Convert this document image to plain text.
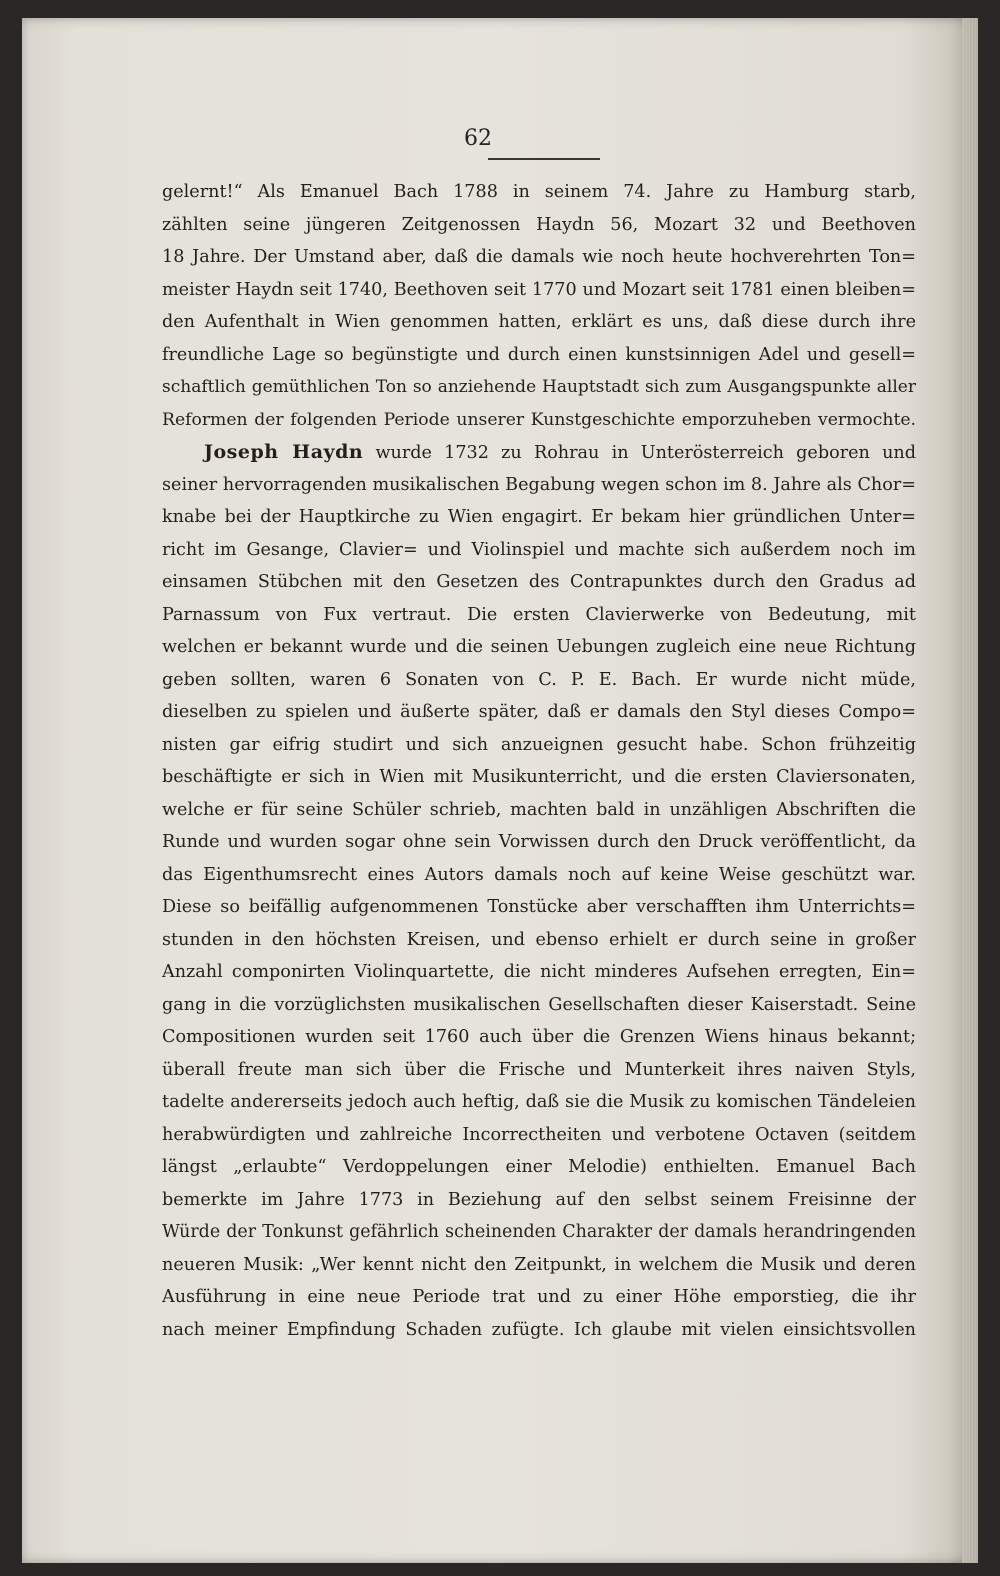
62
gelernt!“ Als Emanuel Bach 1788 in seinem 74. Jahre zu Hamburg starb,
zählten seine jüngeren Zeitgenossen Haydn 56, Mozart 32 und Beethoven
18 Jahre. Der Umstand aber, daß die damals wie noch heute hochverehrten Ton=
meister Haydn seit 1740, Beethoven seit 1770 und Mozart seit 1781 einen bleiben=
den Aufenthalt in Wien genommen hatten, erklärt es uns, daß diese durch ihre
freundliche Lage so begünstigte und durch einen kunstsinnigen Adel und gesell=
schaftlich gemüthlichen Ton so anziehende Hauptstadt sich zum Ausgangspunkte aller
Reformen der folgenden Periode unserer Kunstgeschichte emporzuheben vermochte.
Joseph Haydn wurde 1732 zu Rohrau in Unterösterreich geboren und
seiner hervorragenden musikalischen Begabung wegen schon im 8. Jahre als Chor=
knabe bei der Hauptkirche zu Wien engagirt. Er bekam hier gründlichen Unter=
richt im Gesange, Clavier= und Violinspiel und machte sich außerdem noch im
einsamen Stübchen mit den Gesetzen des Contrapunktes durch den Gradus ad
Parnassum von Fux vertraut. Die ersten Clavierwerke von Bedeutung, mit
welchen er bekannt wurde und die seinen Uebungen zugleich eine neue Richtung
geben sollten, waren 6 Sonaten von C. P. E. Bach. Er wurde nicht müde,
dieselben zu spielen und äußerte später, daß er damals den Styl dieses Compo=
nisten gar eifrig studirt und sich anzueignen gesucht habe. Schon frühzeitig
beschäftigte er sich in Wien mit Musikunterricht, und die ersten Claviersonaten,
welche er für seine Schüler schrieb, machten bald in unzähligen Abschriften die
Runde und wurden sogar ohne sein Vorwissen durch den Druck veröffentlicht, da
das Eigenthumsrecht eines Autors damals noch auf keine Weise geschützt war.
Diese so beifällig aufgenommenen Tonstücke aber verschafften ihm Unterrichts=
stunden in den höchsten Kreisen, und ebenso erhielt er durch seine in großer
Anzahl componirten Violinquartette, die nicht minderes Aufsehen erregten, Ein=
gang in die vorzüglichsten musikalischen Gesellschaften dieser Kaiserstadt. Seine
Compositionen wurden seit 1760 auch über die Grenzen Wiens hinaus bekannt;
überall freute man sich über die Frische und Munterkeit ihres naiven Styls,
tadelte andererseits jedoch auch heftig, daß sie die Musik zu komischen Tändeleien
herabwürdigten und zahlreiche Incorrectheiten und verbotene Octaven (seitdem
längst „erlaubte“ Verdoppelungen einer Melodie) enthielten. Emanuel Bach
bemerkte im Jahre 1773 in Beziehung auf den selbst seinem Freisinne der
Würde der Tonkunst gefährlich scheinenden Charakter der damals herandringenden
neueren Musik: „Wer kennt nicht den Zeitpunkt, in welchem die Musik und deren
Ausführung in eine neue Periode trat und zu einer Höhe emporstieg, die ihr
nach meiner Empfindung Schaden zufügte. Ich glaube mit vielen einsichtsvollen
